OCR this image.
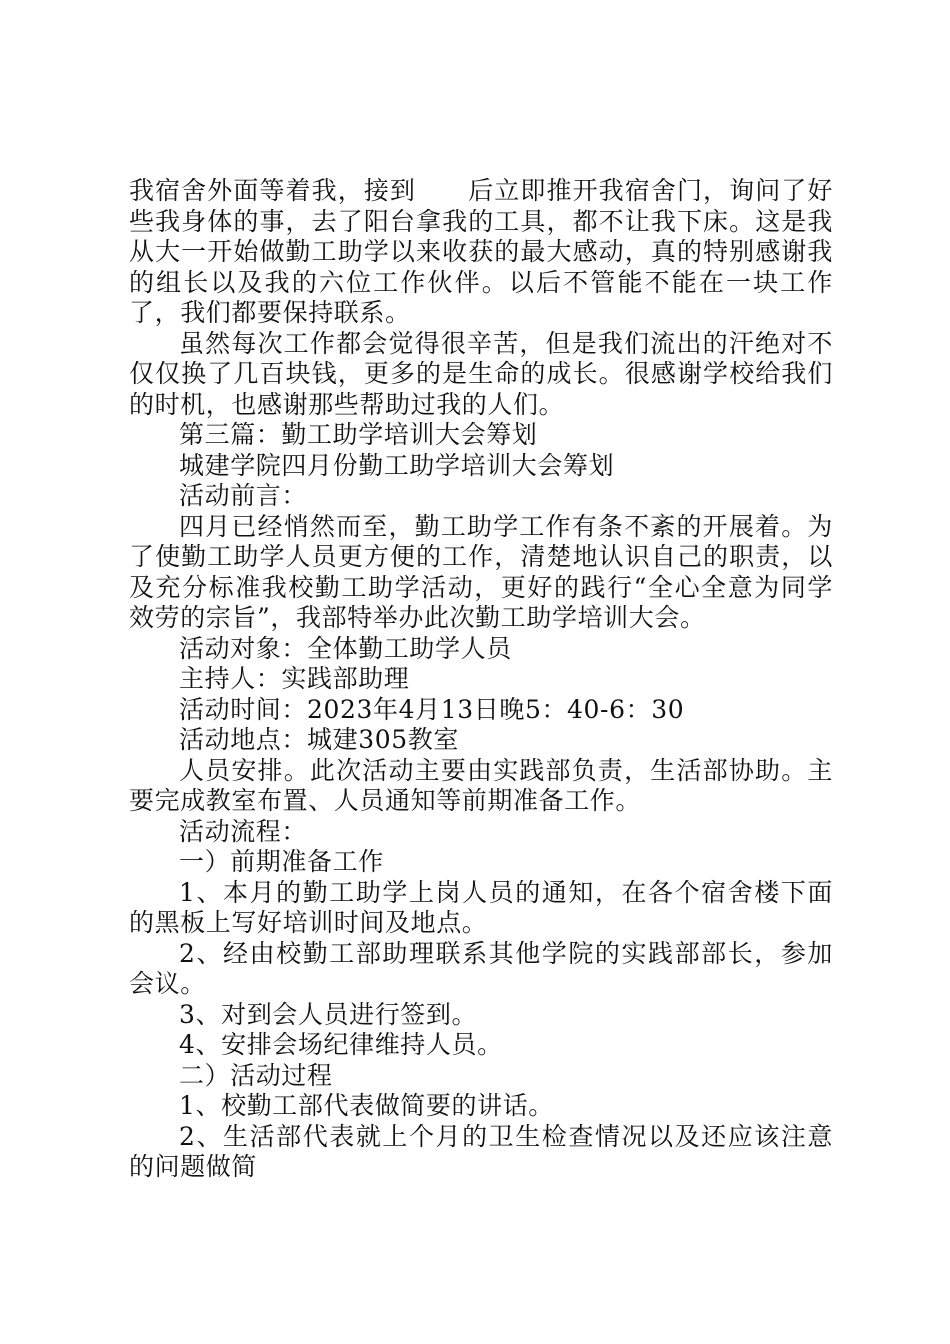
我宿舍外面等着我，接到　　后立即推开我宿舍门，询问了好些我身体的事，去了阳台拿我的工具，都不让我下床。这是我从大一开始做勤工助学以来收获的最大感动，真的特别感谢我的组长以及我的六位工作伙伴。以后不管能不能在一块工作了，我们都要保持联系。

虽然每次工作都会觉得很辛苦，但是我们流出的汗绝对不仅仅换了几百块钱，更多的是生命的成长。很感谢学校给我们的时机，也感谢那些帮助过我的人们。

第三篇：勤工助学培训大会筹划

城建学院四月份勤工助学培训大会筹划

活动前言：

四月已经悄然而至，勤工助学工作有条不紊的开展着。为了使勤工助学人员更方便的工作，清楚地认识自己的职责，以及充分标准我校勤工助学活动，更好的践行“全心全意为同学效劳的宗旨”，我部特举办此次勤工助学培训大会。

活动对象：全体勤工助学人员

主持人：实践部助理

活动时间：2023年4月13日晚5：40-6：30

活动地点：城建305教室

人员安排。此次活动主要由实践部负责，生活部协助。主要完成教室布置、人员通知等前期准备工作。

活动流程：

一）前期准备工作

1、本月的勤工助学上岗人员的通知，在各个宿舍楼下面的黑板上写好培训时间及地点。

2、经由校勤工部助理联系其他学院的实践部部长，参加会议。

3、对到会人员进行签到。

4、安排会场纪律维持人员。

二）活动过程

1、校勤工部代表做简要的讲话。

2、生活部代表就上个月的卫生检查情况以及还应该注意的问题做简
